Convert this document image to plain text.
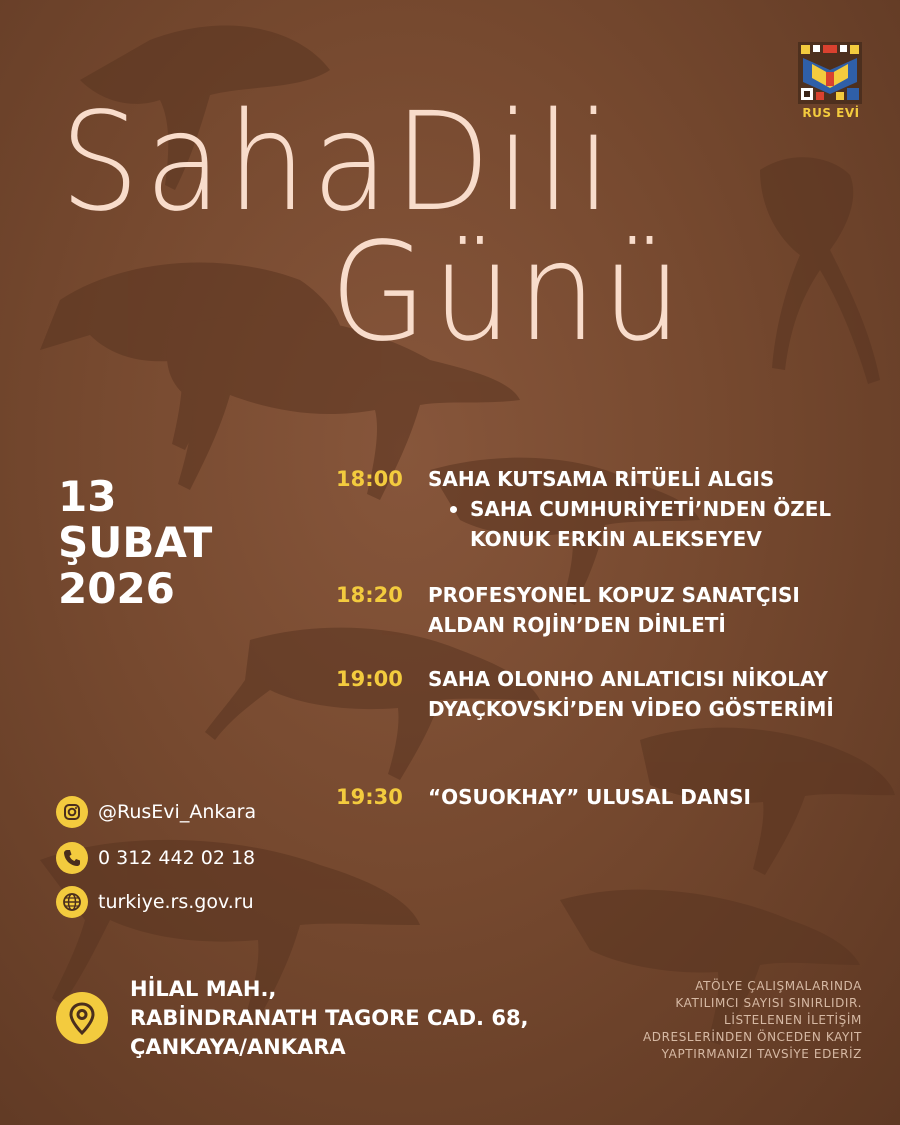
RUS EVİ
SahaDili
Günü
13
ŞUBAT
2026
18:00	SAHA KUTSAMA RİTÜELİ ALGIS
SAHA CUMHURİYETİ’NDEN ÖZEL KONUK ERKİN ALEKSEYEV
18:20	PROFESYONEL KOPUZ SANATÇISI ALDAN ROJİN’DEN DİNLETİ
19:00	SAHA OLONHO ANLATICISI NİKOLAY DYAÇKOVSKİ’DEN VİDEO GÖSTERİMİ
19:30	“OSUOKHAY” ULUSAL DANSI
@RusEvi_Ankara
0 312 442 02 18
turkiye.rs.gov.ru
HİLAL MAH.,
RABİNDRANATH TAGORE CAD. 68,
ÇANKAYA/ANKARA
ATÖLYE ÇALIŞMALARINDA
KATILIMCI SAYISI SINIRLIDIR.
LİSTELENEN İLETİŞİM
ADRESLERİNDEN ÖNCEDEN KAYIT
YAPTIRMANIZI TAVSİYE EDERİZ
